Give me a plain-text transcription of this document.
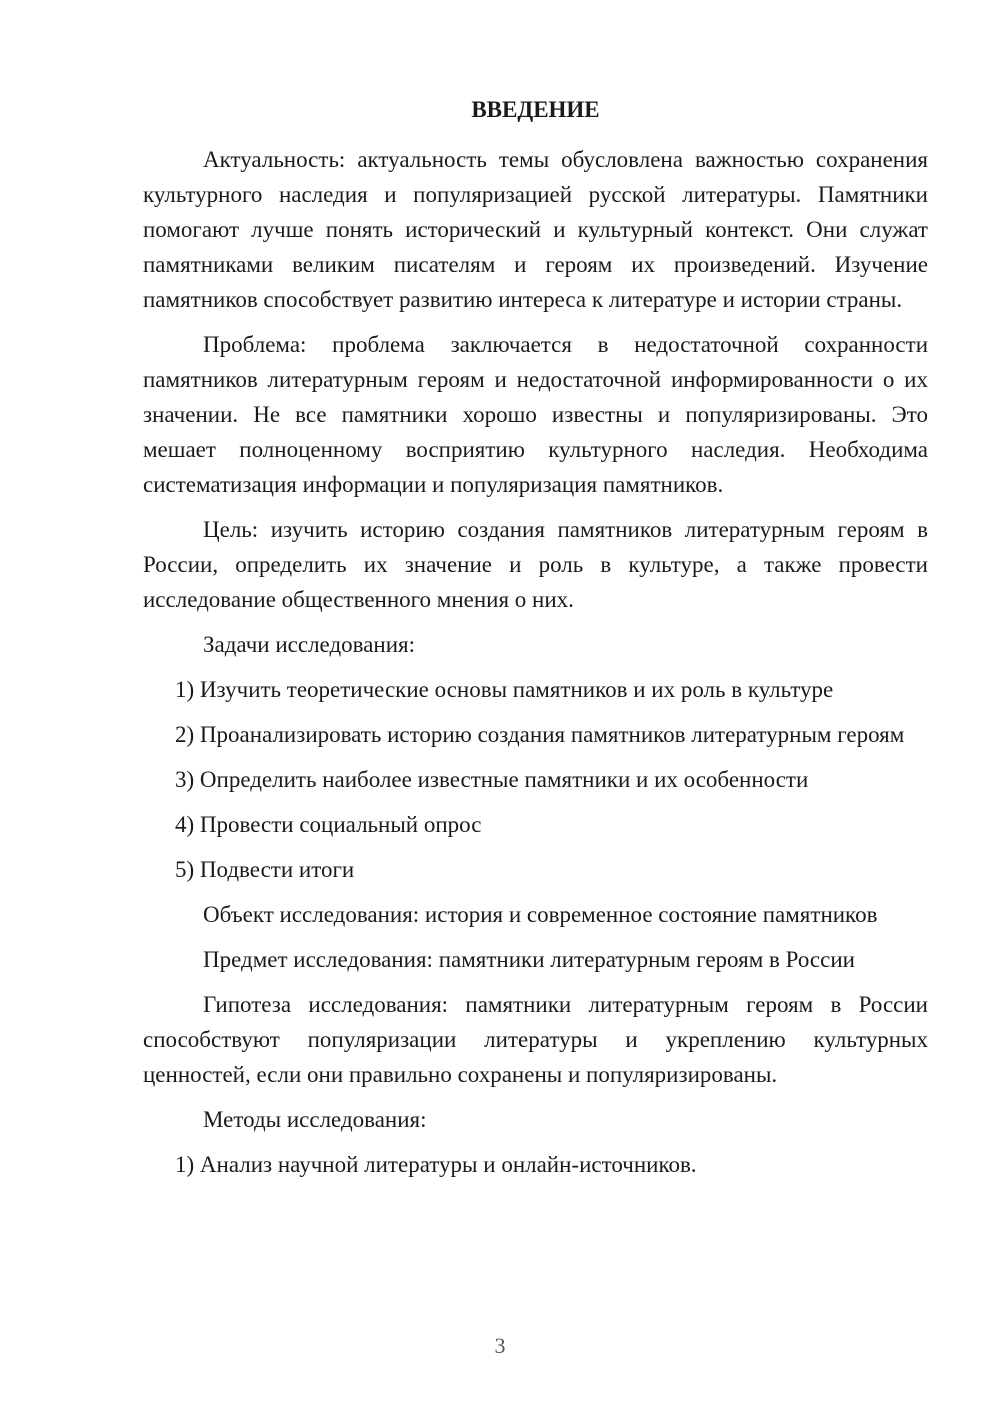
ВВЕДЕНИЕ

Актуальность: актуальность темы обусловлена важностью сохранения культурного наследия и популяризацией русской литературы. Памятники помогают лучше понять исторический и культурный контекст. Они служат памятниками великим писателям и героям их произведений. Изучение памятников способствует развитию интереса к литературе и истории страны.

Проблема: проблема заключается в недостаточной сохранности памятников литературным героям и недостаточной информированности о их значении. Не все памятники хорошо известны и популяризированы. Это мешает полноценному восприятию культурного наследия. Необходима систематизация информации и популяризация памятников.

Цель: изучить историю создания памятников литературным героям в России, определить их значение и роль в культуре, а также провести исследование общественного мнения о них.

Задачи исследования:

1) Изучить теоретические основы памятников и их роль в культуре

2) Проанализировать историю создания памятников литературным героям

3) Определить наиболее известные памятники и их особенности

4) Провести социальный опрос

5) Подвести итоги

Объект исследования: история и современное состояние памятников

Предмет исследования: памятники литературным героям в России

Гипотеза исследования: памятники литературным героям в России способствуют популяризации литературы и укреплению культурных ценностей, если они правильно сохранены и популяризированы.

Методы исследования:

1) Анализ научной литературы и онлайн-источников.

3
